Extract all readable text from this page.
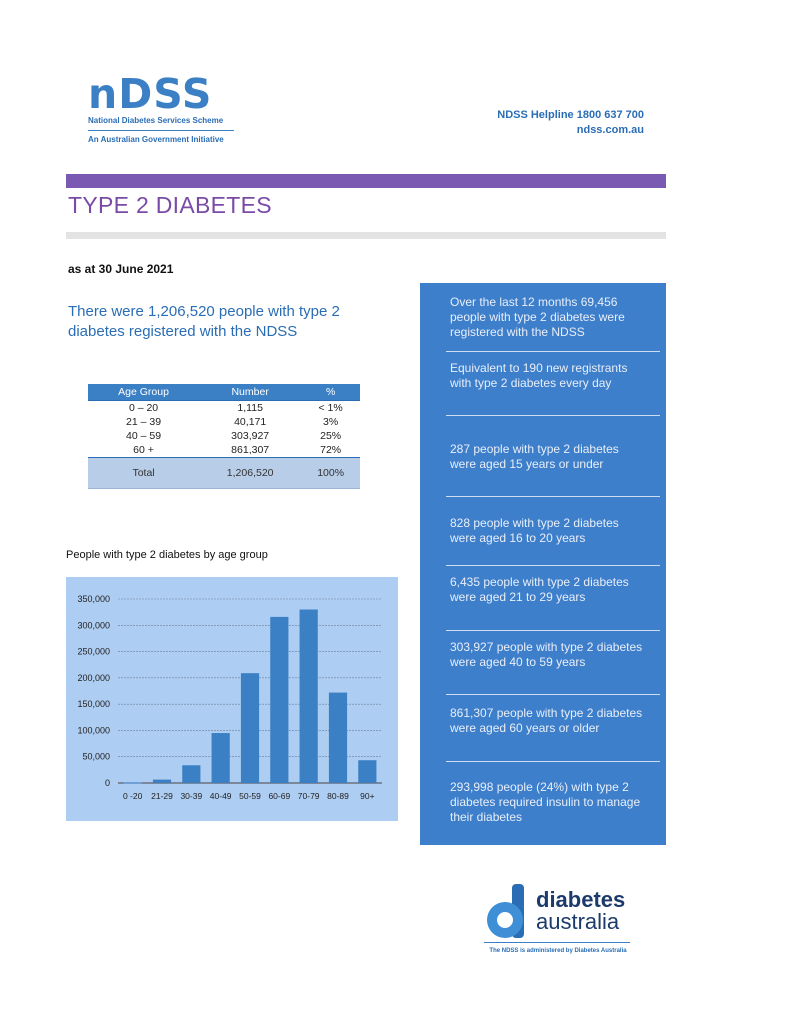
nDSS
National Diabetes Services Scheme
An Australian Government Initiative
NDSS Helpline 1800 637 700
ndss.com.au
TYPE 2 DIABETES
as at 30 June 2021
There were 1,206,520 people with type 2 diabetes registered with the NDSS
Age Group	Number	%
0 – 20	1,115	< 1%
21 – 39	40,171	3%
40 – 59	303,927	25%
60 +	861,307	72%
Total	1,206,520	100%
People with type 2 diabetes by age group
0
50,000
100,000
150,000
200,000
250,000
300,000
350,000
0 -20 21-29 30-39 40-49 50-59 60-69 70-79 80-89 90+
Over the last 12 months 69,456 people with type 2 diabetes were registered with the NDSS
Equivalent to 190 new registrants with type 2 diabetes every day
287 people with type 2 diabetes were aged 15 years or under
828 people with type 2 diabetes were aged 16 to 20 years
6,435 people with type 2 diabetes were aged 21 to 29 years
303,927 people with type 2 diabetes were aged 40 to 59 years
861,307 people with type 2 diabetes were aged 60 years or older
293,998 people (24%) with type 2 diabetes required insulin to manage their diabetes
diabetes
australia
The NDSS is administered by Diabetes Australia
